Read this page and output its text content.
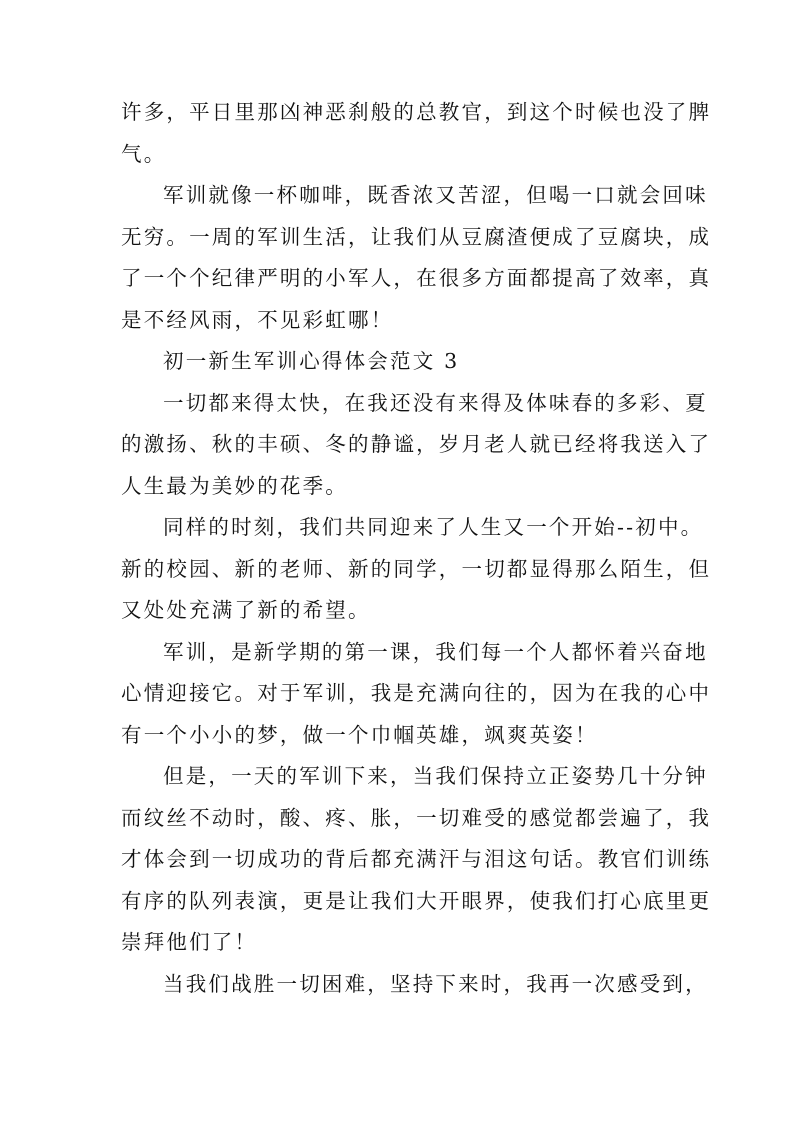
许多，平日里那凶神恶刹般的总教官，到这个时候也没了脾
气。
军训就像一杯咖啡，既香浓又苦涩，但喝一口就会回味
无穷。一周的军训生活，让我们从豆腐渣便成了豆腐块，成
了一个个纪律严明的小军人，在很多方面都提高了效率，真
是不经风雨，不见彩虹哪！
初一新生军训心得体会范文 3
一切都来得太快，在我还没有来得及体味春的多彩、夏
的激扬、秋的丰硕、冬的静谧，岁月老人就已经将我送入了
人生最为美妙的花季。
同样的时刻，我们共同迎来了人生又一个开始--初中。
新的校园、新的老师、新的同学，一切都显得那么陌生，但
又处处充满了新的希望。
军训，是新学期的第一课，我们每一个人都怀着兴奋地
心情迎接它。对于军训，我是充满向往的，因为在我的心中
有一个小小的梦，做一个巾帼英雄，飒爽英姿！
但是，一天的军训下来，当我们保持立正姿势几十分钟
而纹丝不动时，酸、疼、胀，一切难受的感觉都尝遍了，我
才体会到一切成功的背后都充满汗与泪这句话。教官们训练
有序的队列表演，更是让我们大开眼界，使我们打心底里更
崇拜他们了！
当我们战胜一切困难，坚持下来时，我再一次感受到，
